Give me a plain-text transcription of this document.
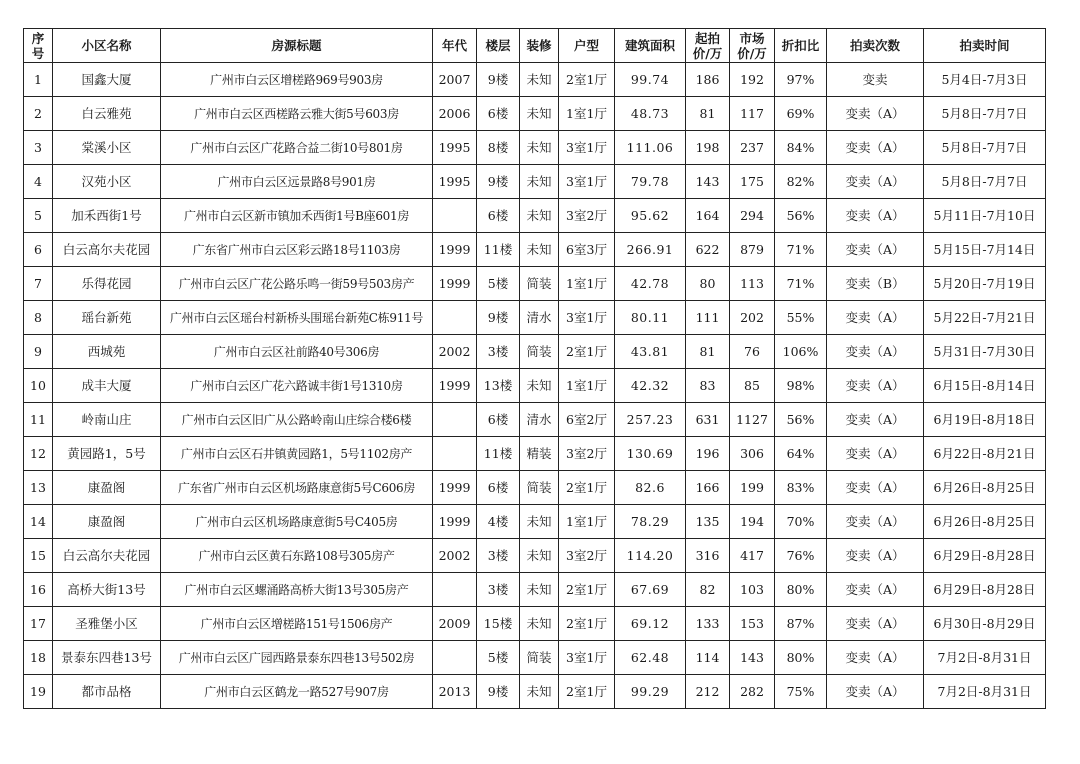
序号	小区名称	房源标题	年代	楼层	装修	户型	建筑面积	起拍价/万	市场价/万	折扣比	拍卖次数	拍卖时间
1	国鑫大厦	广州市白云区增槎路969号903房	2007	9楼	未知	2室1厅	99.74	186	192	97%	变卖	5月4日-7月3日
2	白云雅苑	广州市白云区西槎路云雅大街5号603房	2006	6楼	未知	1室1厅	48.73	81	117	69%	变卖（A）	5月8日-7月7日
3	棠溪小区	广州市白云区广花路合益二街10号801房	1995	8楼	未知	3室1厅	111.06	198	237	84%	变卖（A）	5月8日-7月7日
4	汉苑小区	广州市白云区远景路8号901房	1995	9楼	未知	3室1厅	79.78	143	175	82%	变卖（A）	5月8日-7月7日
5	加禾西街1号	广州市白云区新市镇加禾西街1号B座601房		6楼	未知	3室2厅	95.62	164	294	56%	变卖（A）	5月11日-7月10日
6	白云高尔夫花园	广东省广州市白云区彩云路18号1103房	1999	11楼	未知	6室3厅	266.91	622	879	71%	变卖（A）	5月15日-7月14日
7	乐得花园	广州市白云区广花公路乐鸣一街59号503房产	1999	5楼	简装	1室1厅	42.78	80	113	71%	变卖（B）	5月20日-7月19日
8	瑶台新苑	广州市白云区瑶台村新桥头围瑶台新苑C栋911号		9楼	清水	3室1厅	80.11	111	202	55%	变卖（A）	5月22日-7月21日
9	西城苑	广州市白云区社前路40号306房	2002	3楼	简装	2室1厅	43.81	81	76	106%	变卖（A）	5月31日-7月30日
10	成丰大厦	广州市白云区广花六路诚丰街1号1310房	1999	13楼	未知	1室1厅	42.32	83	85	98%	变卖（A）	6月15日-8月14日
11	岭南山庄	广州市白云区旧广从公路岭南山庄综合楼6楼		6楼	清水	6室2厅	257.23	631	1127	56%	变卖（A）	6月19日-8月18日
12	黄园路1，5号	广州市白云区石井镇黄园路1，5号1102房产		11楼	精装	3室2厅	130.69	196	306	64%	变卖（A）	6月22日-8月21日
13	康盈阁	广东省广州市白云区机场路康意街5号C606房	1999	6楼	简装	2室1厅	82.6	166	199	83%	变卖（A）	6月26日-8月25日
14	康盈阁	广州市白云区机场路康意街5号C405房	1999	4楼	未知	1室1厅	78.29	135	194	70%	变卖（A）	6月26日-8月25日
15	白云高尔夫花园	广州市白云区黄石东路108号305房产	2002	3楼	未知	3室2厅	114.20	316	417	76%	变卖（A）	6月29日-8月28日
16	高桥大街13号	广州市白云区螺涌路高桥大街13号305房产		3楼	未知	2室1厅	67.69	82	103	80%	变卖（A）	6月29日-8月28日
17	圣雅堡小区	广州市白云区增槎路151号1506房产	2009	15楼	未知	2室1厅	69.12	133	153	87%	变卖（A）	6月30日-8月29日
18	景泰东四巷13号	广州市白云区广园西路景泰东四巷13号502房		5楼	简装	3室1厅	62.48	114	143	80%	变卖（A）	7月2日-8月31日
19	都市品格	广州市白云区鹤龙一路527号907房	2013	9楼	未知	2室1厅	99.29	212	282	75%	变卖（A）	7月2日-8月31日
